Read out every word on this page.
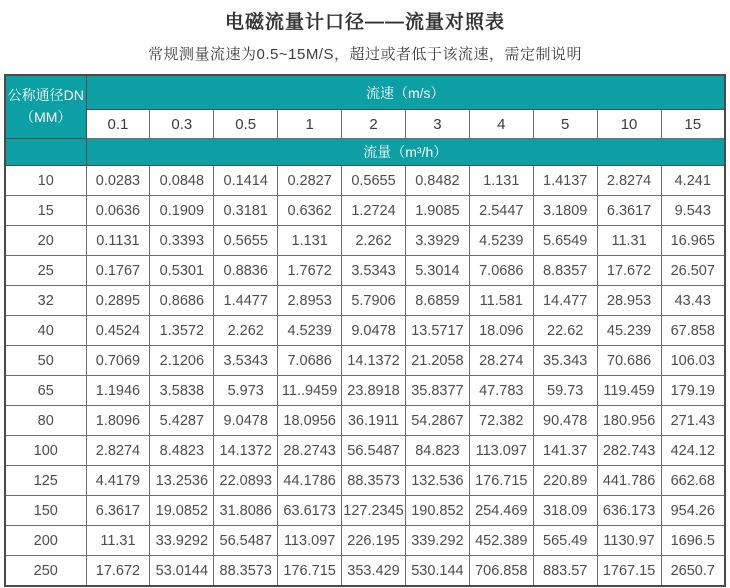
电磁流量计口径——流量对照表
常规测量流速为0.5~15M/S，超过或者低于该流速，需定制说明
公称通径DN
（MM）	流速（m/s）									
	0.1	0.3	0.5	1	2	3	4	5	10	15
	流量（m³/h）									
10	0.0283	0.0848	0.1414	0.2827	0.5655	0.8482	1.131	1.4137	2.8274	4.241
15	0.0636	0.1909	0.3181	0.6362	1.2724	1.9085	2.5447	3.1809	6.3617	9.543
20	0.1131	0.3393	0.5655	1.131	2.262	3.3929	4.5239	5.6549	11.31	16.965
25	0.1767	0.5301	0.8836	1.7672	3.5343	5.3014	7.0686	8.8357	17.672	26.507
32	0.2895	0.8686	1.4477	2.8953	5.7906	8.6859	11.581	14.477	28.953	43.43
40	0.4524	1.3572	2.262	4.5239	9.0478	13.5717	18.096	22.62	45.239	67.858
50	0.7069	2.1206	3.5343	7.0686	14.1372	21.2058	28.274	35.343	70.686	106.03
65	1.1946	3.5838	5.973	11..9459	23.8918	35.8377	47.783	59.73	119.459	179.19
80	1.8096	5.4287	9.0478	18.0956	36.1911	54.2867	72.382	90.478	180.956	271.43
100	2.8274	8.4823	14.1372	28.2743	56.5487	84.823	113.097	141.37	282.743	424.12
125	4.4179	13.2536	22.0893	44.1786	88.3573	132.536	176.715	220.89	441.786	662.68
150	6.3617	19.0852	31.8086	63.6173	127.2345	190.852	254.469	318.09	636.173	954.26
200	11.31	33.9292	56.5487	113.097	226.195	339.292	452.389	565.49	1130.97	1696.5
250	17.672	53.0144	88.3573	176.715	353.429	530.144	706.858	883.57	1767.15	2650.7
